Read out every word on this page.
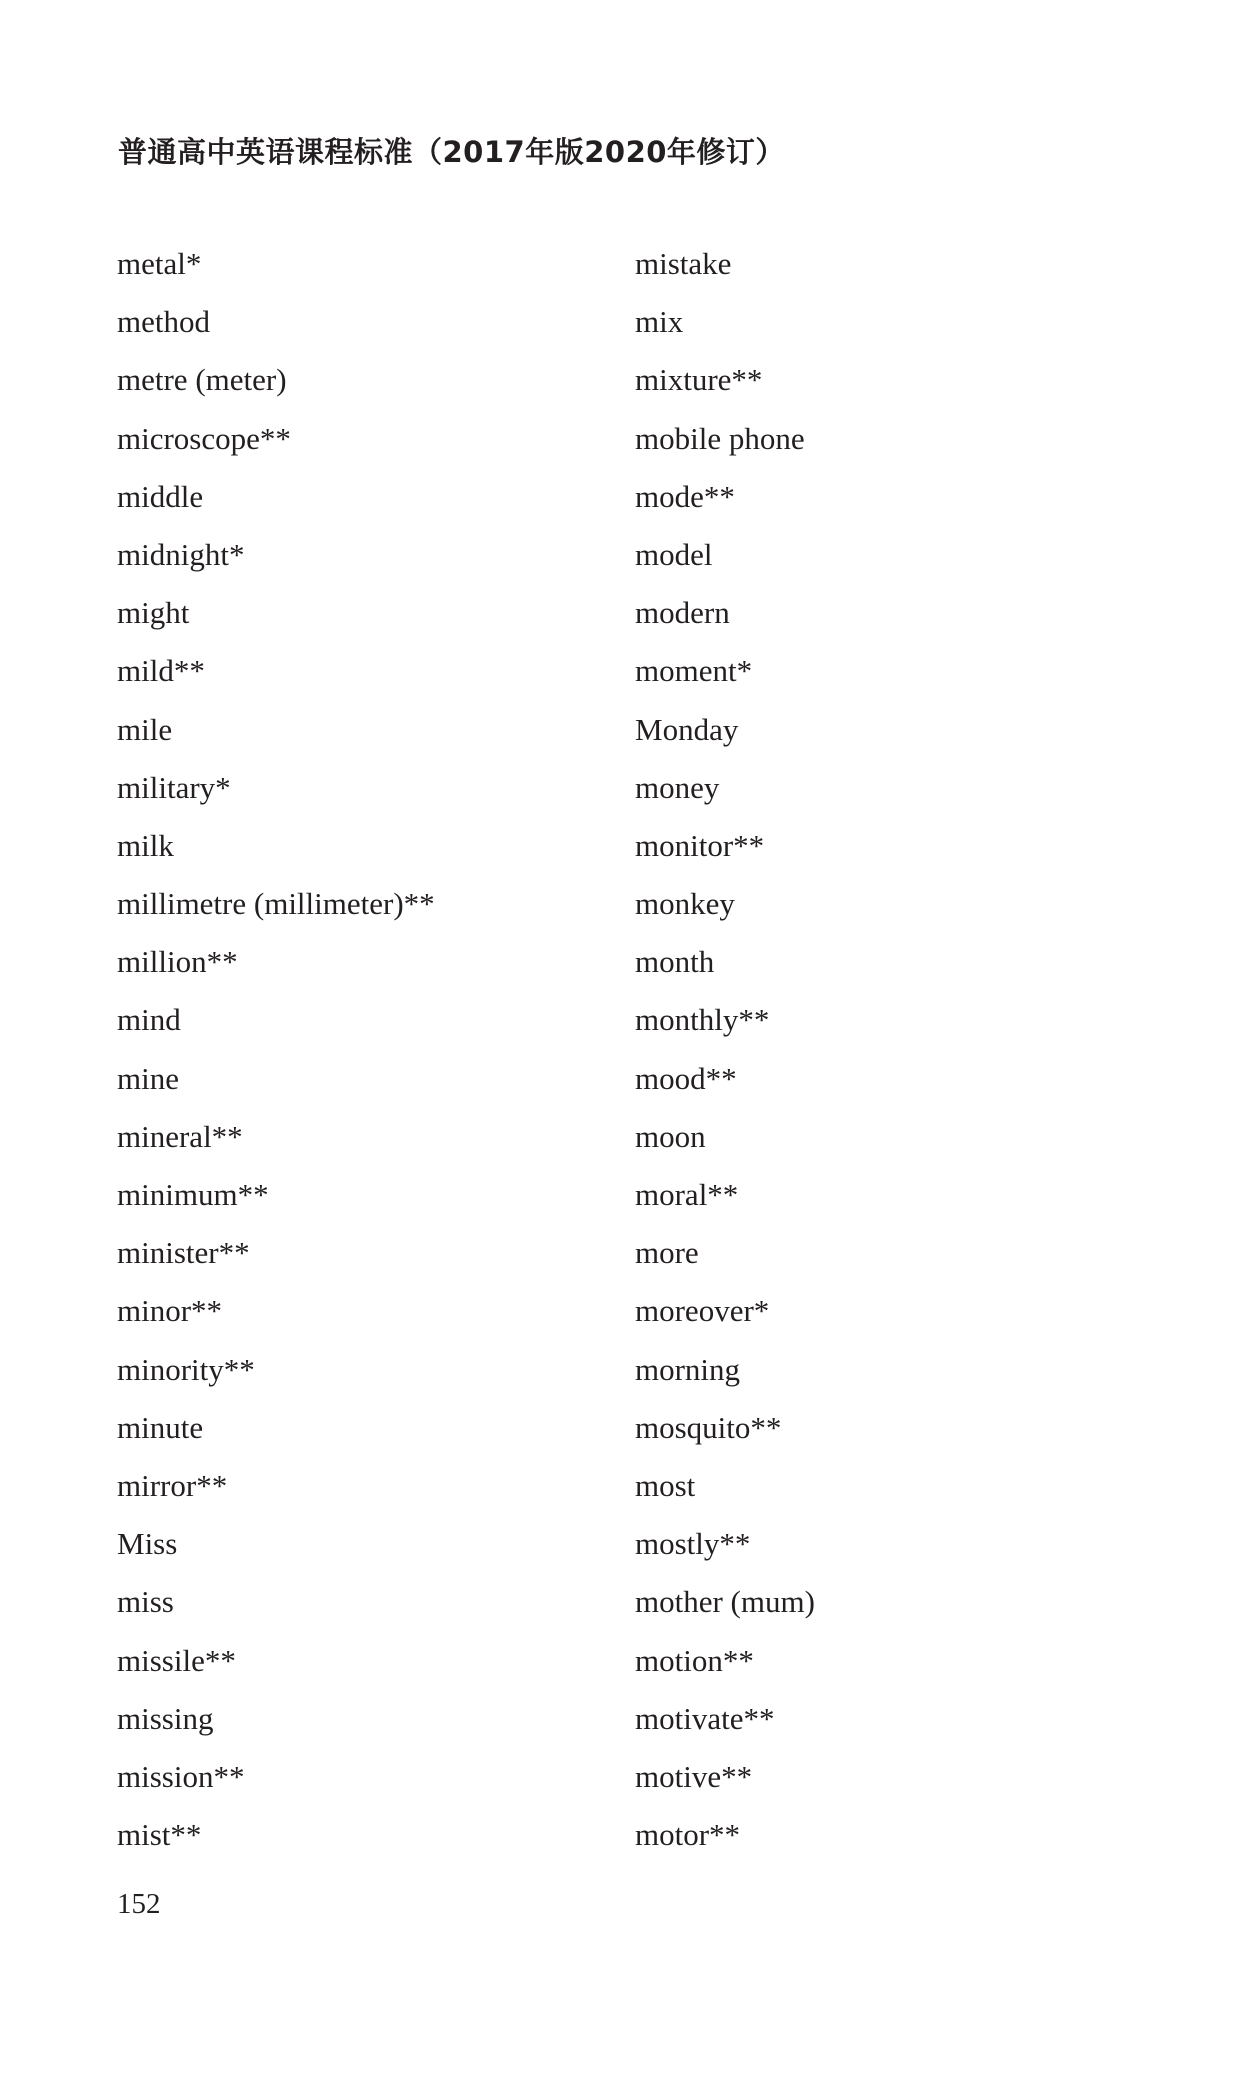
普通高中英语课程标准（2017年版2020年修订）
metal*
method
metre (meter)
microscope**
middle
midnight*
might
mild**
mile
military*
milk
millimetre (millimeter)**
million**
mind
mine
mineral**
minimum**
minister**
minor**
minority**
minute
mirror**
Miss
miss
missile**
missing
mission**
mist**
mistake
mix
mixture**
mobile phone
mode**
model
modern
moment*
Monday
money
monitor**
monkey
month
monthly**
mood**
moon
moral**
more
moreover*
morning
mosquito**
most
mostly**
mother (mum)
motion**
motivate**
motive**
motor**
152
